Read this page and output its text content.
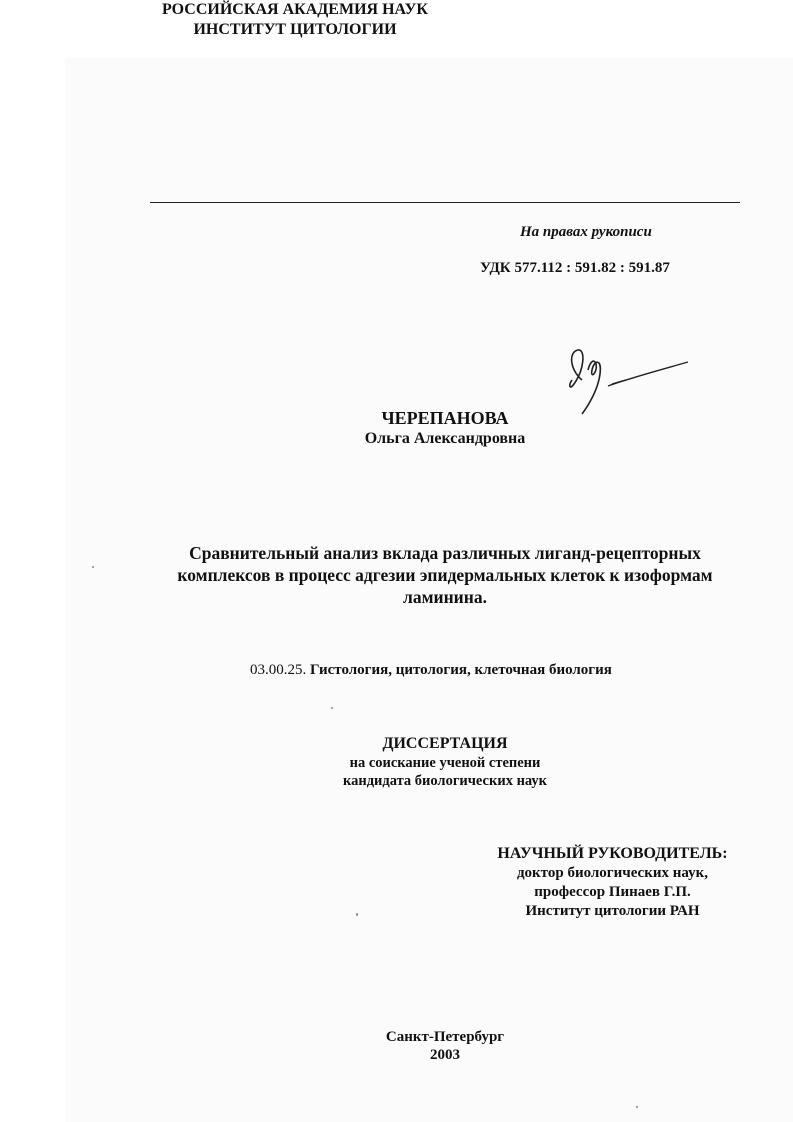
РОССИЙСКАЯ АКАДЕМИЯ НАУК
ИНСТИТУТ ЦИТОЛОГИИ
На правах рукописи
УДК 577.112 : 591.82 : 591.87
ЧЕРЕПАНОВА
Ольга Александровна
Сравнительный анализ вклада различных лиганд-рецепторных
комплексов в процесс адгезии эпидермальных клеток к изоформам
ламинина.
03.00.25. Гистология, цитология, клеточная биология
ДИССЕРТАЦИЯ
на соискание ученой степени
кандидата биологических наук
НАУЧНЫЙ РУКОВОДИТЕЛЬ:
доктор биологических наук,
профессор Пинаев Г.П.
Институт цитологии РАН
Санкт-Петербург
2003
